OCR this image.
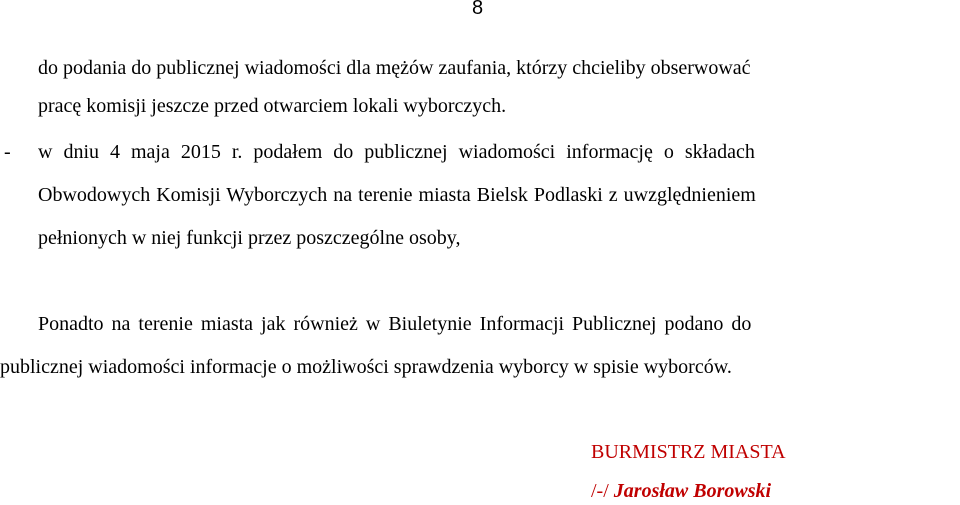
8
do podania do publicznej wiadomości dla mężów zaufania, którzy chcieliby obserwować
pracę komisji jeszcze przed otwarciem lokali wyborczych.
- w dniu 4 maja 2015 r. podałem do publicznej wiadomości informację o składach
Obwodowych Komisji Wyborczych na terenie miasta Bielsk Podlaski z uwzględnieniem
pełnionych w niej funkcji przez poszczególne osoby,
Ponadto na terenie miasta jak również w Biuletynie Informacji Publicznej podano do
publicznej wiadomości informacje o możliwości sprawdzenia wyborcy w spisie wyborców.
BURMISTRZ MIASTA
/-/ Jarosław Borowski
